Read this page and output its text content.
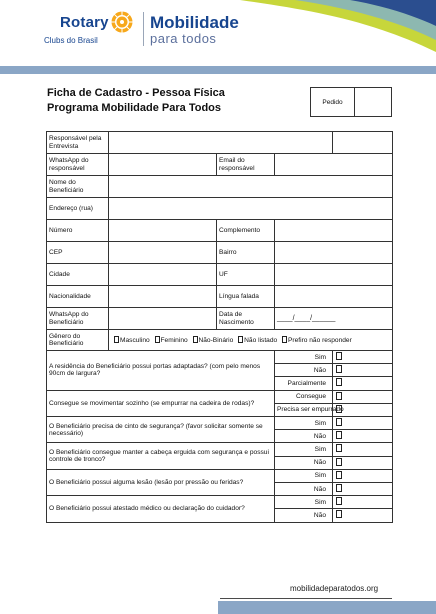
Rotary
Clubs do Brasil
Mobilidade
para todos
Ficha de Cadastro - Pessoa Física
Programa Mobilidade Para Todos	Pedido
Responsável pela Entrevista				
WhatsApp do responsável		Email do responsável		
Nome do Beneficiário				
Endereço (rua)				
Número		Complemento		
CEP		Bairro		
Cidade		UF		
Nacionalidade		Língua falada		
WhatsApp do Beneficiário		Data de Nascimento	____/____/______	
Gênero do Beneficiário	Masculino Feminino Não-Binário Não listado Prefiro não responder			
A residência do Beneficiário possui portas adaptadas? (com pelo menos 90cm de largura?			Sim	
			Não	
			Parcialmente	
Consegue se movimentar sozinho (se empurrar na cadeira de rodas)?			Consegue	
			Precisa ser empurrado	
O Beneficiário precisa de cinto de segurança? (favor solicitar somente se necessário)			Sim	
			Não	
O Beneficiário consegue manter a cabeça erguida com segurança e possui controle de tronco?			Sim	
			Não	
O Beneficiário possui alguma lesão (lesão por pressão ou feridas?			Sim	
			Não	
O Beneficiário possui atestado médico ou declaração do cuidador?			Sim	
			Não	
mobilidadeparatodos.org
